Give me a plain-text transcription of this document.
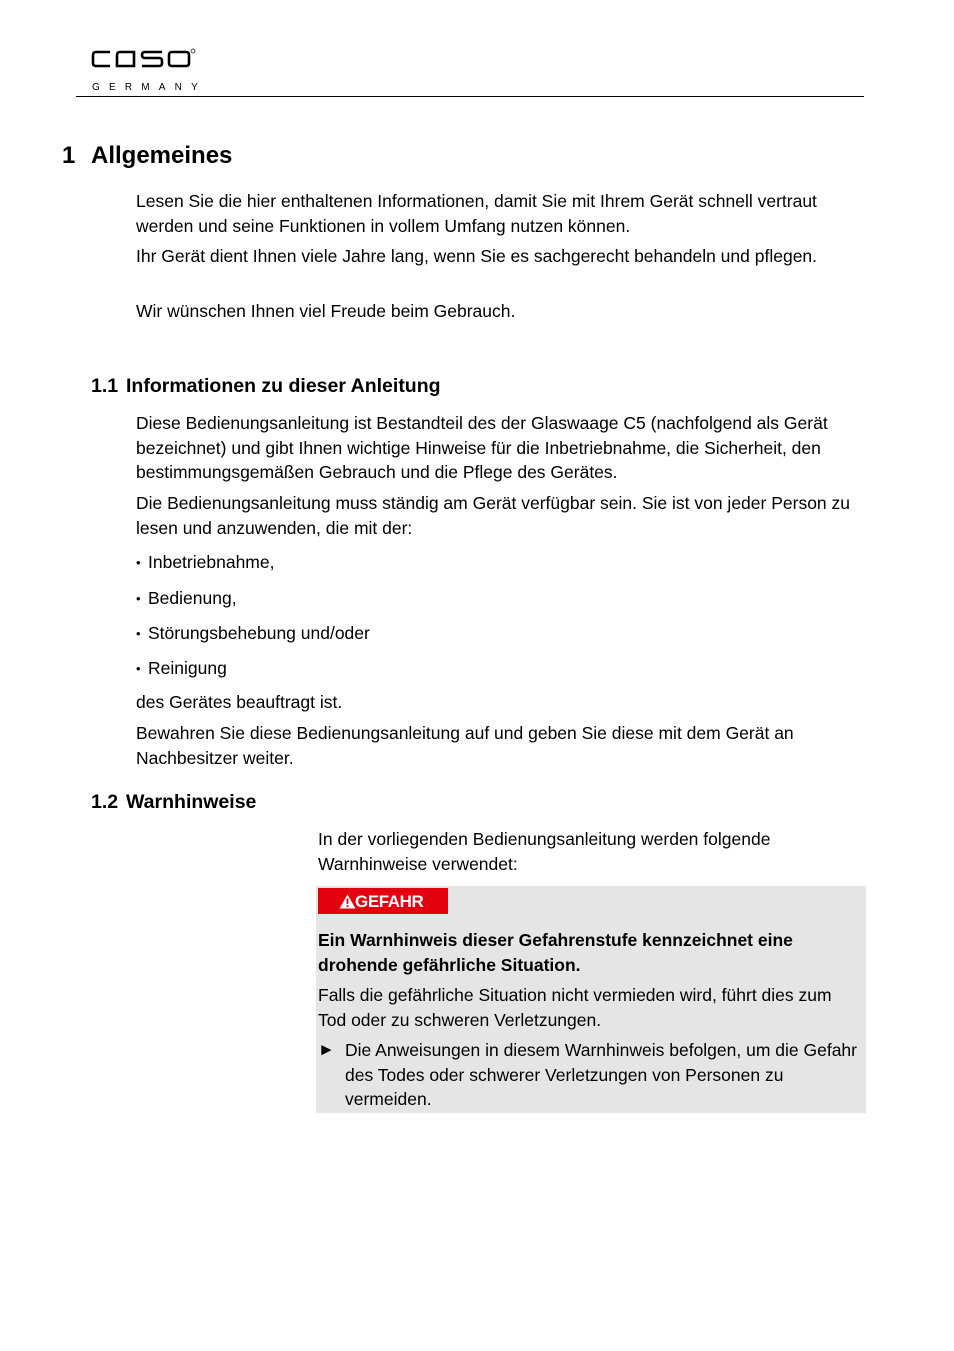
GERMANY
1 Allgemeines
Lesen Sie die hier enthaltenen Informationen, damit Sie mit Ihrem Gerät schnell vertraut werden und seine Funktionen in vollem Umfang nutzen können.
Ihr Gerät dient Ihnen viele Jahre lang, wenn Sie es sachgerecht behandeln und pflegen.
Wir wünschen Ihnen viel Freude beim Gebrauch.
1.1 Informationen zu dieser Anleitung
Diese Bedienungsanleitung ist Bestandteil des der Glaswaage C5 (nachfolgend als Gerät bezeichnet) und gibt Ihnen wichtige Hinweise für die Inbetriebnahme, die Sicherheit, den bestimmungsgemäßen Gebrauch und die Pflege des Gerätes.
Die Bedienungsanleitung muss ständig am Gerät verfügbar sein. Sie ist von jeder Person zu lesen und anzuwenden, die mit der:
• Inbetriebnahme,
• Bedienung,
• Störungsbehebung und/oder
• Reinigung
des Gerätes beauftragt ist.
Bewahren Sie diese Bedienungsanleitung auf und geben Sie diese mit dem Gerät an Nachbesitzer weiter.
1.2 Warnhinweise
In der vorliegenden Bedienungsanleitung werden folgende Warnhinweise verwendet:
GEFAHR
Ein Warnhinweis dieser Gefahrenstufe kennzeichnet eine drohende gefährliche Situation.
Falls die gefährliche Situation nicht vermieden wird, führt dies zum Tod oder zu schweren Verletzungen.
► Die Anweisungen in diesem Warnhinweis befolgen, um die Gefahr des Todes oder schwerer Verletzungen von Personen zu vermeiden.
